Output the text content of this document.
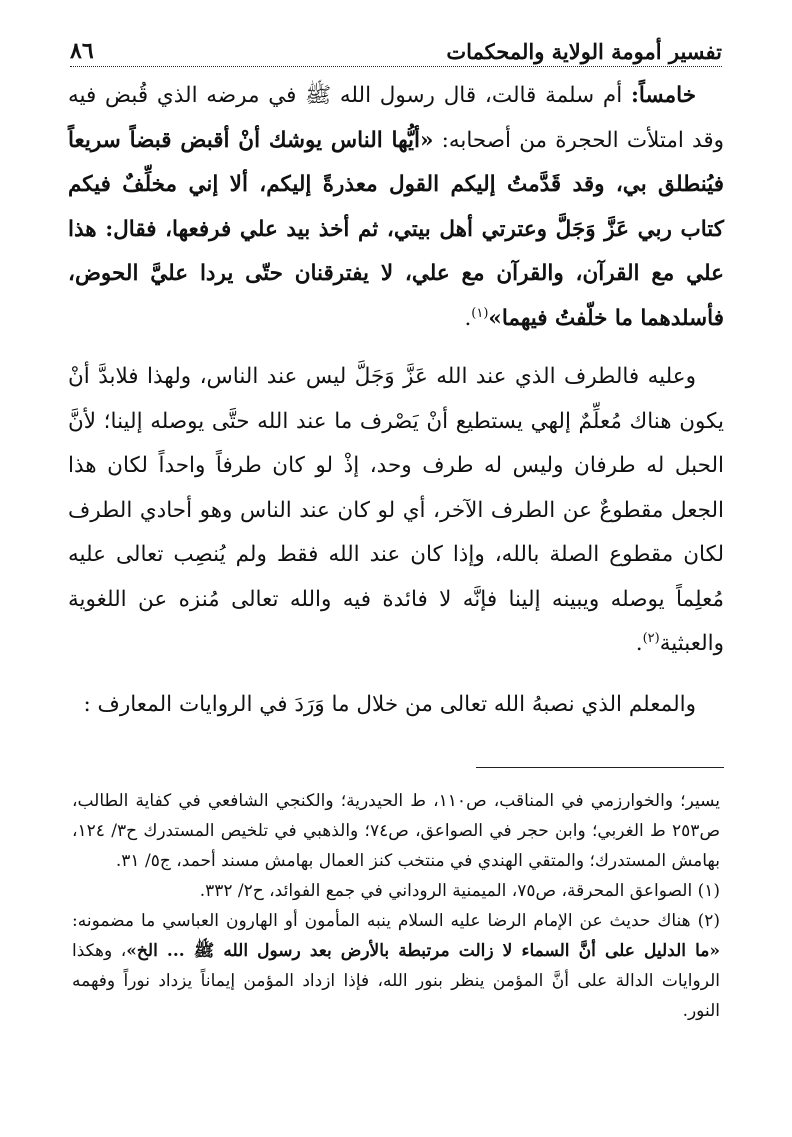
تفسير أمومة الولاية والمحكمات
٨٦

خامساً: أم سلمة قالت، قال رسول الله ﷺ في مرضه الذي قُبض فيه وقد امتلأت الحجرة من أصحابه: «أيُّها الناس يوشك أنْ أقبض قبضاً سريعاً فيُنطلق بي، وقد قَدَّمتُ إليكم القول معذرةً إليكم، ألا إني مخلِّفٌ فيكم كتاب ربي عَزَّ وَجَلَّ وعترتي أهل بيتي، ثم أخذ بيد علي فرفعها، فقال: هذا علي مع القرآن، والقرآن مع علي، لا يفترقنان حتّى يردا عليَّ الحوض، فأسلدهما ما خلّفتُ فيهما»$^{(١)}$.

وعليه فالطرف الذي عند الله عَزَّ وَجَلَّ ليس عند الناس، ولهذا فلابدَّ أنْ يكون هناك مُعلِّمٌ إلهي يستطيع أنْ يَصْرف ما عند الله حتَّى يوصله إلينا؛ لأنَّ الحبل له طرفان وليس له طرف وحد، إذْ لو كان طرفاً واحداً لكان هذا الجعل مقطوعٌ عن الطرف الآخر، أي لو كان عند الناس وهو أحادي الطرف لكان مقطوع الصلة بالله، وإذا كان عند الله فقط ولم يُنصِب تعالى عليه مُعلِماً يوصله ويبينه إلينا فإنَّه لا فائدة فيه والله تعالى مُنزه عن اللغوية والعبثية$^{(٢)}$.

والمعلم الذي نصبهُ الله تعالى من خلال ما وَرَدَ في الروايات المعارف :

يسير؛ والخوارزمي في المناقب، ص١١٠، ط الحيدرية؛ والكنجي الشافعي في كفاية الطالب، ص٢٥٣ ط الغربي؛ وابن حجر في الصواعق، ص٧٤؛ والذهبي في تلخيص المستدرك ح٣/ ١٢٤، بهامش المستدرك؛ والمتقي الهندي في منتخب كنز العمال بهامش مسند أحمد، ج٥/ ٣١.

(١) الصواعق المحرقة، ص٧٥، الميمنية الروداني في جمع الفوائد، ح٢/ ٣٣٢.

(٢) هناك حديث عن الإمام الرضا عليه السلام ينبه المأمون أو الهارون العباسي ما مضمونه: «ما الدليل على أنَّ السماء لا زالت مرتبطة بالأرض بعد رسول الله ﷺ ... الخ»، وهكذا الروايات الدالة على أنَّ المؤمن ينظر بنور الله، فإذا ازداد المؤمن إيماناً يزداد نوراً وفهمه النور.
